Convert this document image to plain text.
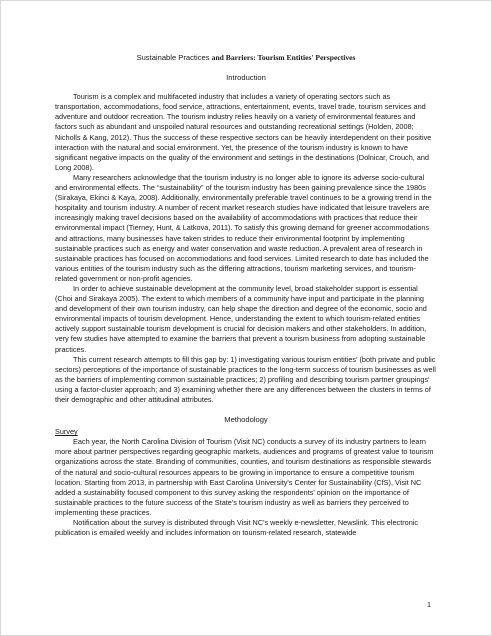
Sustainable Practices and Barriers: Tourism Entities' Perspectives
Introduction

Tourism is a complex and multifaceted industry that includes a variety of operating sectors such as transportation, accommodations, food service, attractions, entertainment, events, travel trade, tourism services and adventure and outdoor recreation. The tourism industry relies heavily on a variety of environmental features and factors such as abundant and unspoiled natural resources and outstanding recreational settings (Holden, 2008; Nicholls & Kang, 2012). Thus the success of these respective sectors can be heavily interdependent on their positive interaction with the natural and social environment. Yet, the presence of the tourism industry is known to have significant negative impacts on the quality of the environment and settings in the destinations (Dolnicar, Crouch, and Long 2008).

Many researchers acknowledge that the tourism industry is no longer able to ignore its adverse socio-cultural and environmental effects. The “sustainability” of the tourism industry has been gaining prevalence since the 1980s (Sirakaya, Ekinci & Kaya, 2008). Additionally, environmentally preferable travel continues to be a growing trend in the hospitality and tourism industry. A number of recent market research studies have indicated that leisure travelers are increasingly making travel decisions based on the availability of accommodations with practices that reduce their environmental impact (Tierney, Hunt, & Latkova, 2011). To satisfy this growing demand for greener accommodations and attractions, many businesses have taken strides to reduce their environmental footprint by implementing sustainable practices such as energy and water conservation and waste reduction. A prevalent area of research in sustainable practices has focused on accommodations and food services. Limited research to date has included the various entities of the tourism industry such as the differing attractions, tourism marketing services, and tourism-related government or non-profit agencies.

In order to achieve sustainable development at the community level, broad stakeholder support is essential (Choi and Sirakaya 2005). The extent to which members of a community have input and participate in the planning and development of their own tourism industry, can help shape the direction and degree of the economic, socio and environmental impacts of tourism development. Hence, understanding the extent to which tourism-related entities actively support sustainable tourism development is crucial for decision makers and other stakeholders. In addition, very few studies have attempted to examine the barriers that prevent a tourism business from adopting sustainable practices.

This current research attempts to fill this gap by: 1) investigating various tourism entities' (both private and public sectors) perceptions of the importance of sustainable practices to the long-term success of tourism businesses as well as the barriers of implementing common sustainable practices; 2) profiling and describing tourism partner groupings' using a factor-cluster approach; and 3) examining whether there are any differences between the clusters in terms of their demographic and other attitudinal attributes.

Methodology
Survey

Each year, the North Carolina Division of Tourism (Visit NC) conducts a survey of its industry partners to learn more about partner perspectives regarding geographic markets, audiences and programs of greatest value to tourism organizations across the state. Branding of communities, counties, and tourism destinations as responsible stewards of the natural and socio-cultural resources appears to be growing in importance to ensure a competitive tourism location. Starting from 2013, in partnership with East Carolina University's Center for Sustainability (CfS), Visit NC added a sustainability focused component to this survey asking the respondents' opinion on the importance of sustainable practices to the future success of the State's tourism industry as well as barriers they perceived to implementing these practices.

Notification about the survey is distributed through Visit NC's weekly e-newsletter, Newslink. This electronic publication is emailed weekly and includes information on tourism-related research, statewide

1
